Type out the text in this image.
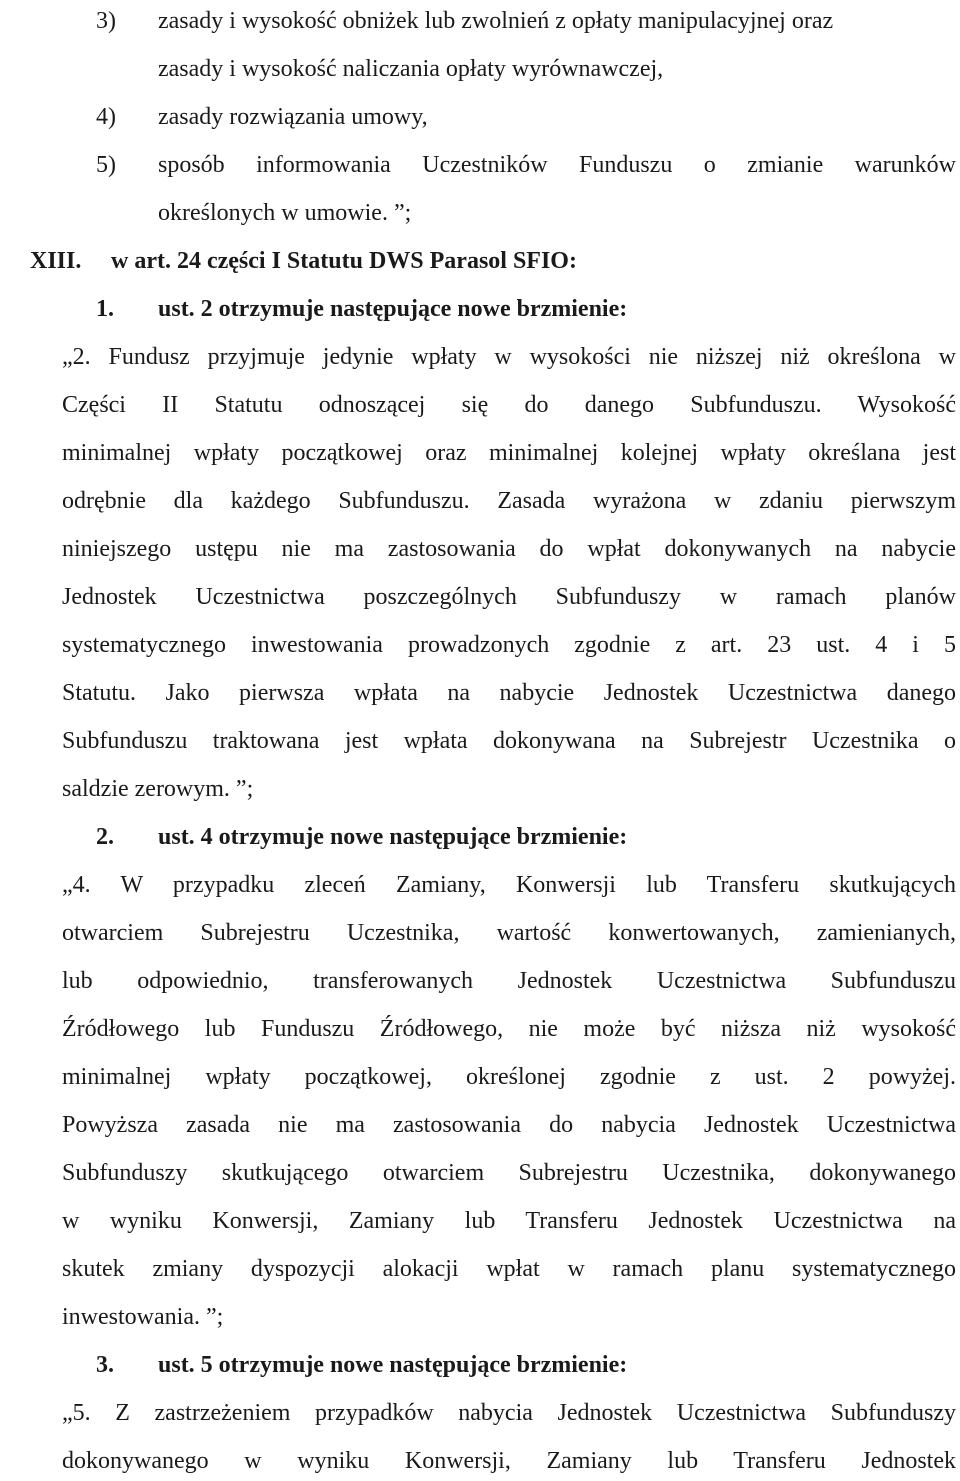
3) zasady i wysokość obniżek lub zwolnień z opłaty manipulacyjnej oraz
zasady i wysokość naliczania opłaty wyrównawczej,
4) zasady rozwiązania umowy,
5) sposób informowania Uczestników Funduszu o zmianie warunków
określonych w umowie. ”;
XIII. w art. 24 części I Statutu DWS Parasol SFIO:
1. ust. 2 otrzymuje następujące nowe brzmienie:
„2. Fundusz przyjmuje jedynie wpłaty w wysokości nie niższej niż określona w
Części II Statutu odnoszącej się do danego Subfunduszu. Wysokość
minimalnej wpłaty początkowej oraz minimalnej kolejnej wpłaty określana jest
odrębnie dla każdego Subfunduszu. Zasada wyrażona w zdaniu pierwszym
niniejszego ustępu nie ma zastosowania do wpłat dokonywanych na nabycie
Jednostek Uczestnictwa poszczególnych Subfunduszy w ramach planów
systematycznego inwestowania prowadzonych zgodnie z art. 23 ust. 4 i 5
Statutu. Jako pierwsza wpłata na nabycie Jednostek Uczestnictwa danego
Subfunduszu traktowana jest wpłata dokonywana na Subrejestr Uczestnika o
saldzie zerowym. ”;
2. ust. 4 otrzymuje nowe następujące brzmienie:
„4. W przypadku zleceń Zamiany, Konwersji lub Transferu skutkujących
otwarciem Subrejestru Uczestnika, wartość konwertowanych, zamienianych,
lub odpowiednio, transferowanych Jednostek Uczestnictwa Subfunduszu
Źródłowego lub Funduszu Źródłowego, nie może być niższa niż wysokość
minimalnej wpłaty początkowej, określonej zgodnie z ust. 2 powyżej.
Powyższa zasada nie ma zastosowania do nabycia Jednostek Uczestnictwa
Subfunduszy skutkującego otwarciem Subrejestru Uczestnika, dokonywanego
w wyniku Konwersji, Zamiany lub Transferu Jednostek Uczestnictwa na
skutek zmiany dyspozycji alokacji wpłat w ramach planu systematycznego
inwestowania. ”;
3. ust. 5 otrzymuje nowe następujące brzmienie:
„5. Z zastrzeżeniem przypadków nabycia Jednostek Uczestnictwa Subfunduszy
dokonywanego w wyniku Konwersji, Zamiany lub Transferu Jednostek
